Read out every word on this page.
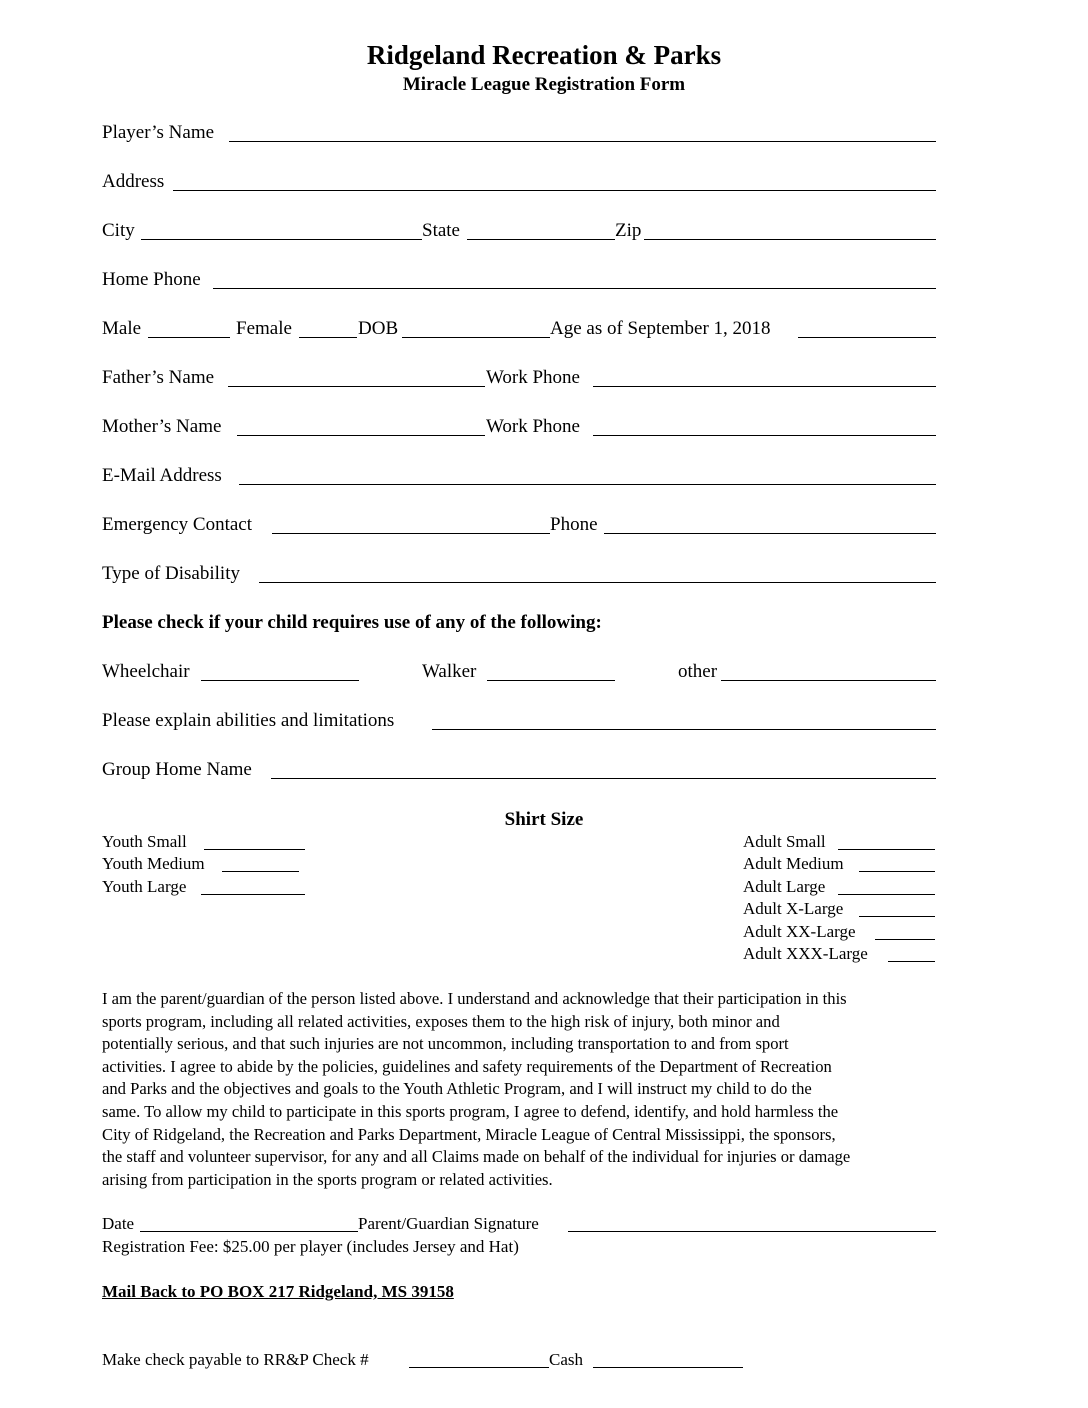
Ridgeland Recreation & Parks
Miracle League Registration Form
Player’s Name
Address
City	State	Zip
Home Phone
Male	Female	DOB	Age as of September 1, 2018
Father’s Name	Work Phone
Mother’s Name	Work Phone
E-Mail Address
Emergency Contact	Phone
Type of Disability
Please check if your child requires use of any of the following:
Wheelchair	Walker	other
Please explain abilities and limitations
Group Home Name
Shirt Size
Youth Small
Youth Medium
Youth Large
Adult Small
Adult Medium
Adult Large
Adult X-Large
Adult XX-Large
Adult XXX-Large
I am the parent/guardian of the person listed above. I understand and acknowledge that their participation in this
sports program, including all related activities, exposes them to the high risk of injury, both minor and
potentially serious, and that such injuries are not uncommon, including transportation to and from sport
activities. I agree to abide by the policies, guidelines and safety requirements of the Department of Recreation
and Parks and the objectives and goals to the Youth Athletic Program, and I will instruct my child to do the
same. To allow my child to participate in this sports program, I agree to defend, identify, and hold harmless the
City of Ridgeland, the Recreation and Parks Department, Miracle League of Central Mississippi, the sponsors,
the staff and volunteer supervisor, for any and all Claims made on behalf of the individual for injuries or damage
arising from participation in the sports program or related activities.
Date	Parent/Guardian Signature
Registration Fee: $25.00 per player (includes Jersey and Hat)
Mail Back to PO BOX 217 Ridgeland, MS 39158
Make check payable to RR&P Check #	Cash
